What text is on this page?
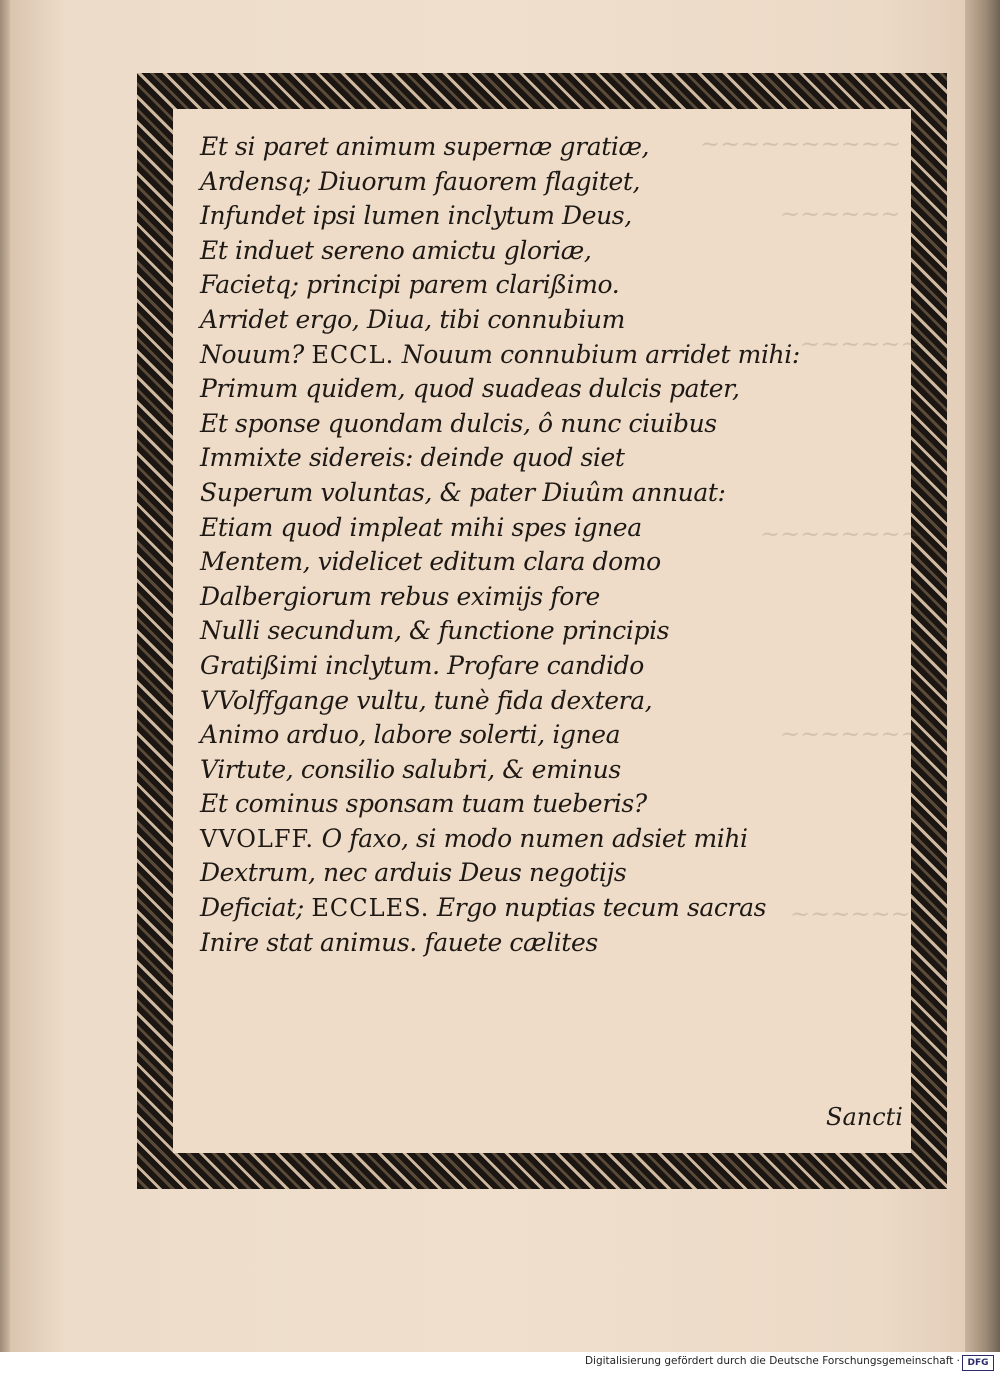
~~~~~~~~~~
~~~~~~
~~~~~~
~~~~~~~~
~~~~~~~
~~~~~~
Et si paret animum supernæ gratiæ,
Ardensq; Diuorum fauorem flagitet,
Infundet ipsi lumen inclytum Deus,
Et induet sereno amictu gloriæ,
Facietq; principi parem clarißimo.
Arridet ergo, Diua, tibi connubium
Nouum? ECCL. Nouum connubium arridet mihi:
Primum quidem, quod suadeas dulcis pater,
Et sponse quondam dulcis, ô nunc ciuibus
Immixte sidereis: deinde quod siet
Superum voluntas, & pater Diuûm annuat:
Etiam quod impleat mihi spes ignea
Mentem, videlicet editum clara domo
Dalbergiorum rebus eximijs fore
Nulli secundum, & functione principis
Gratißimi inclytum. Profare candido
VVolffgange vultu, tunè fida dextera,
Animo arduo, labore solerti, ignea
Virtute, consilio salubri, & eminus
Et cominus sponsam tuam tueberis?
VVOLFF. O faxo, si modo numen adsiet mihi
Dextrum, nec arduis Deus negotijs
Deficiat; ECCLES. Ergo nuptias tecum sacras
Inire stat animus. fauete cælites
Sancti
Digitalisierung gefördert durch die Deutsche Forschungsgemeinschaft · DFG
